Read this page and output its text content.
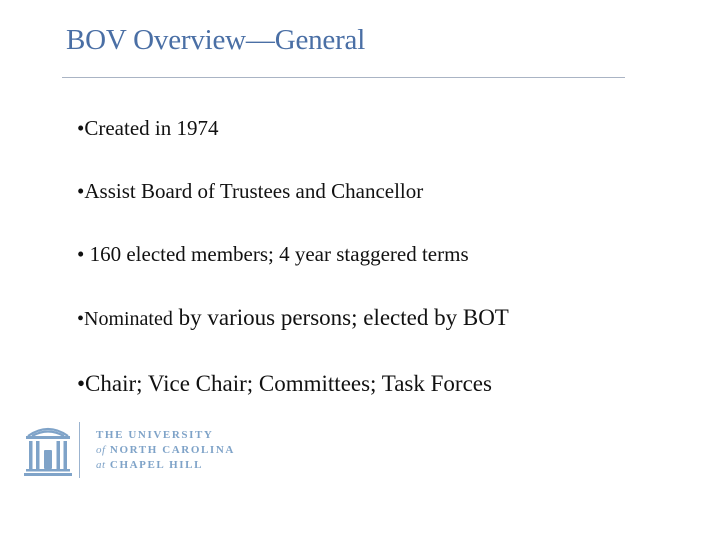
BOV Overview—General
•Created in 1974
•Assist Board of Trustees and Chancellor
• 160 elected members; 4 year staggered terms
•Nominated by various persons; elected by BOT
•Chair; Vice Chair; Committees; Task Forces
THE UNIVERSITY
of NORTH CAROLINA
at CHAPEL HILL
